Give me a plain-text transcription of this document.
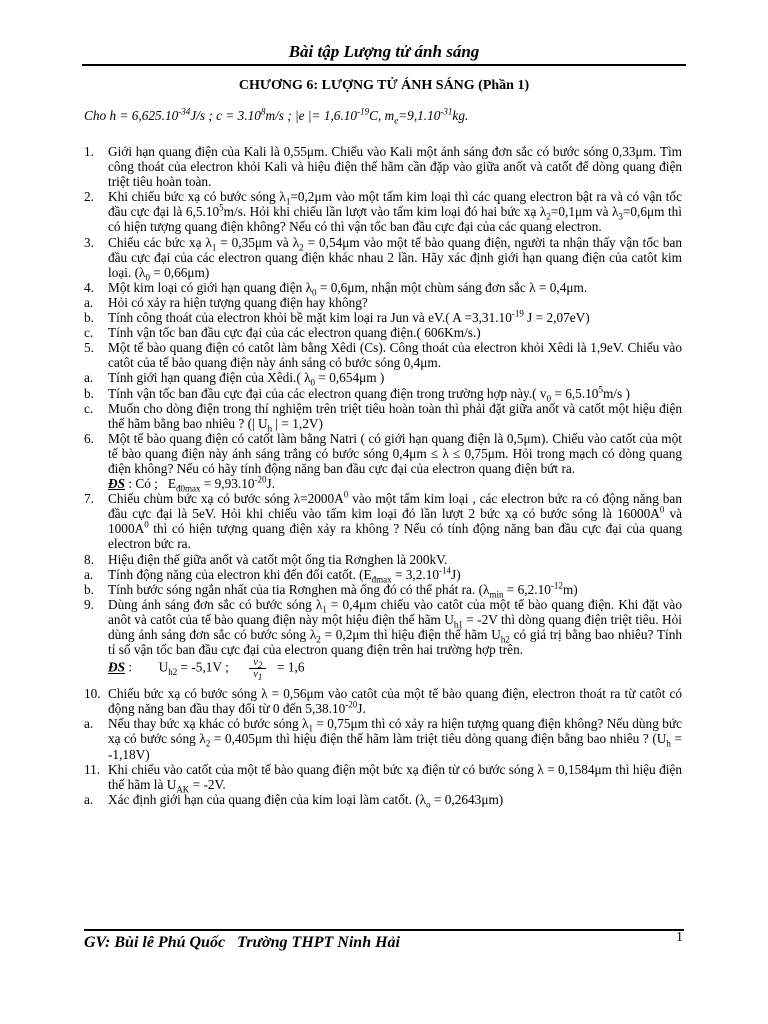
Bài tập Lượng tử ánh sáng
CHƯƠNG 6: LƯỢNG TỬ ÁNH SÁNG (Phần 1)
Cho $h = 6,625.10^{-34}J/s$ ; $c = 3.10^8m/s$ ; |e |= $1,6.10^{-19}C$, $m_e=9,1.10^{-31}kg$.
1.	Giới hạn quang điện của Kali là 0,55μm. Chiếu vào Kali một ánh sáng đơn sắc có bước sóng 0,33μm. Tìm công thoát của electron khỏi Kali và hiệu điện thế hãm cần đặp vào giữa anốt và catốt để dòng quang điện triệt tiêu hoàn toàn.
2.	Khi chiếu bức xạ có bước sóng $\lambda_1=0,2\mu m$ vào một tấm kim loại thì các quang electron bật ra và có vận tốc đầu cực đại là 6,5.10$^5$m/s. Hỏi khi chiếu lần lượt vào tấm kim loại đó hai bức xạ $\lambda_2=0,1\mu m$ và $\lambda_3=0,6\mu m$ thì có hiện tượng quang điện không? Nếu có thì vận tốc ban đầu cực đại của các quang electron.
3.	Chiếu các bức xạ $\lambda_1 = 0,35\mu m$ và $\lambda_2 = 0,54\mu m$ vào một tế bào quang điện, người ta nhận thấy vận tốc ban đầu cực đại của các electron quang điện khác nhau 2 lần. Hãy xác định giới hạn quang điện của catôt kim loại. $(\lambda_0 = 0,66\mu m)$
4.	Một kim loại có giới hạn quang điện $\lambda_0 = 0,6\mu m$, nhận một chùm sáng đơn sắc λ = 0,4μm.
a.	Hỏi có xảy ra hiện tượng quang điện hay không?
b.	Tính công thoát của electron khỏi bề mặt kim loại ra Jun và eV.( $A =3,31.10^{-19}$ J = 2,07eV)
c.	Tính vận tốc ban đầu cực đại của các electron quang điện.( 606Km/s.)
5.	Một tế bào quang điện có catôt làm bằng Xêdi (Cs). Công thoát của electron khỏi Xêdi là 1,9eV. Chiếu vào catôt của tế bào quang điện này ánh sáng có bước sóng 0,4μm.
a.	Tính giới hạn quang điện của Xêdi.( $\lambda_0 = 0,654\mu m$ )
b.	Tính vận tốc ban đầu cực đại của các electron quang điện trong trường hợp này.( $v_0 = 6,5.10^5m/s$ )
c.	Muốn cho dòng điện trong thí nghiệm trên triệt tiêu hoàn toàn thì phải đặt giữa anốt và catốt một hiệu điện thế hãm bằng bao nhiêu ? (| $U_h$ | = 1,2V)
6.	Một tế bào quang điện có catốt làm bằng Natri ( có giới hạn quang điện là 0,5μm). Chiếu vào catốt của một tế bào quang điện này ánh sáng trắng có bước sóng 0,4μm ≤ λ ≤ 0,75μm. Hỏi trong mạch có dòng quang điện không? Nếu có hãy tính động năng ban đầu cực đại của electron quang điện bứt ra.
ĐS : Có ;   $E_{đ0max} = 9,93.10^{-20}J$.
7.	Chiếu chùm bức xạ có bước sóng $\lambda=2000A^0$ vào một tấm kim loại , các electron bức ra có động năng ban đầu cực đại là 5eV. Hỏi khi chiếu vào tấm kim loại đó lần lượt 2 bức xạ có bước sóng là $16000A^0$ và $1000A^0$ thì có hiện tượng quang điện xảy ra không ? Nếu có tính động năng ban đầu cực đại của quang electron bức ra.
8.	Hiệu điện thế giữa anốt và catốt một ống tia Rơnghen là 200kV.
a.	Tính động năng của electron khi đến đối catốt. $(E_{đmax} = 3,2.10^{-14}J)$
b.	Tính bước sóng ngắn nhất của tia Rơnghen mà ống đó có thể phát ra. $(\lambda_{min} = 6,2.10^{-12}m)$
9.	Dùng ánh sáng đơn sắc có bước sóng $\lambda_1 = 0,4\mu m$ chiếu vào catôt của một tế bào quang điện. Khi đặt vào anôt và catôt của tế bào quang điện này một hiệu điện thế hãm $U_{h1} = -2V$ thì dòng quang điện triệt tiêu. Hỏi dùng ánh sáng đơn sắc có bước sóng $\lambda_2 = 0,2\mu m$ thì hiệu điện thế hãm $U_{h2}$ có giá trị bằng bao nhiêu? Tính tỉ số vận tốc ban đầu cực đại của electron quang điện trên hai trường hợp trên.
ĐS :        $U_{h2} = -5,1V$ ; $\frac{v_2}{v_1} = 1,6$
10. Chiếu bức xạ có bước sóng λ = 0,56μm vào catôt của một tế bào quang điện, electron thoát ra từ catôt có động năng ban đầu thay đổi từ 0 đến $5,38.10^{-20}J$.
a.	Nếu thay bức xạ khác có bước sóng $\lambda_1 = 0,75\mu m$ thì có xảy ra hiện tượng quang điện không? Nếu dùng bức xạ có bước sóng $\lambda_2 = 0,405\mu m$ thì hiệu điện thế hãm làm triệt tiêu dòng quang điện bằng bao nhiêu ? $(U_h = -1,18V)$
11. Khi chiếu vào catốt của một tế bào quang điện một bức xạ điện từ có bước sóng λ = 0,1584μm thì hiệu điện thế hãm là $U_{AK} = -2V$.
a.	Xác định giới hạn của quang điện của kim loại làm catốt. $(\lambda_o = 0,2643\mu m)$
GV: Bùi lê Phú Quốc Trường THPT Ninh Hải	1
